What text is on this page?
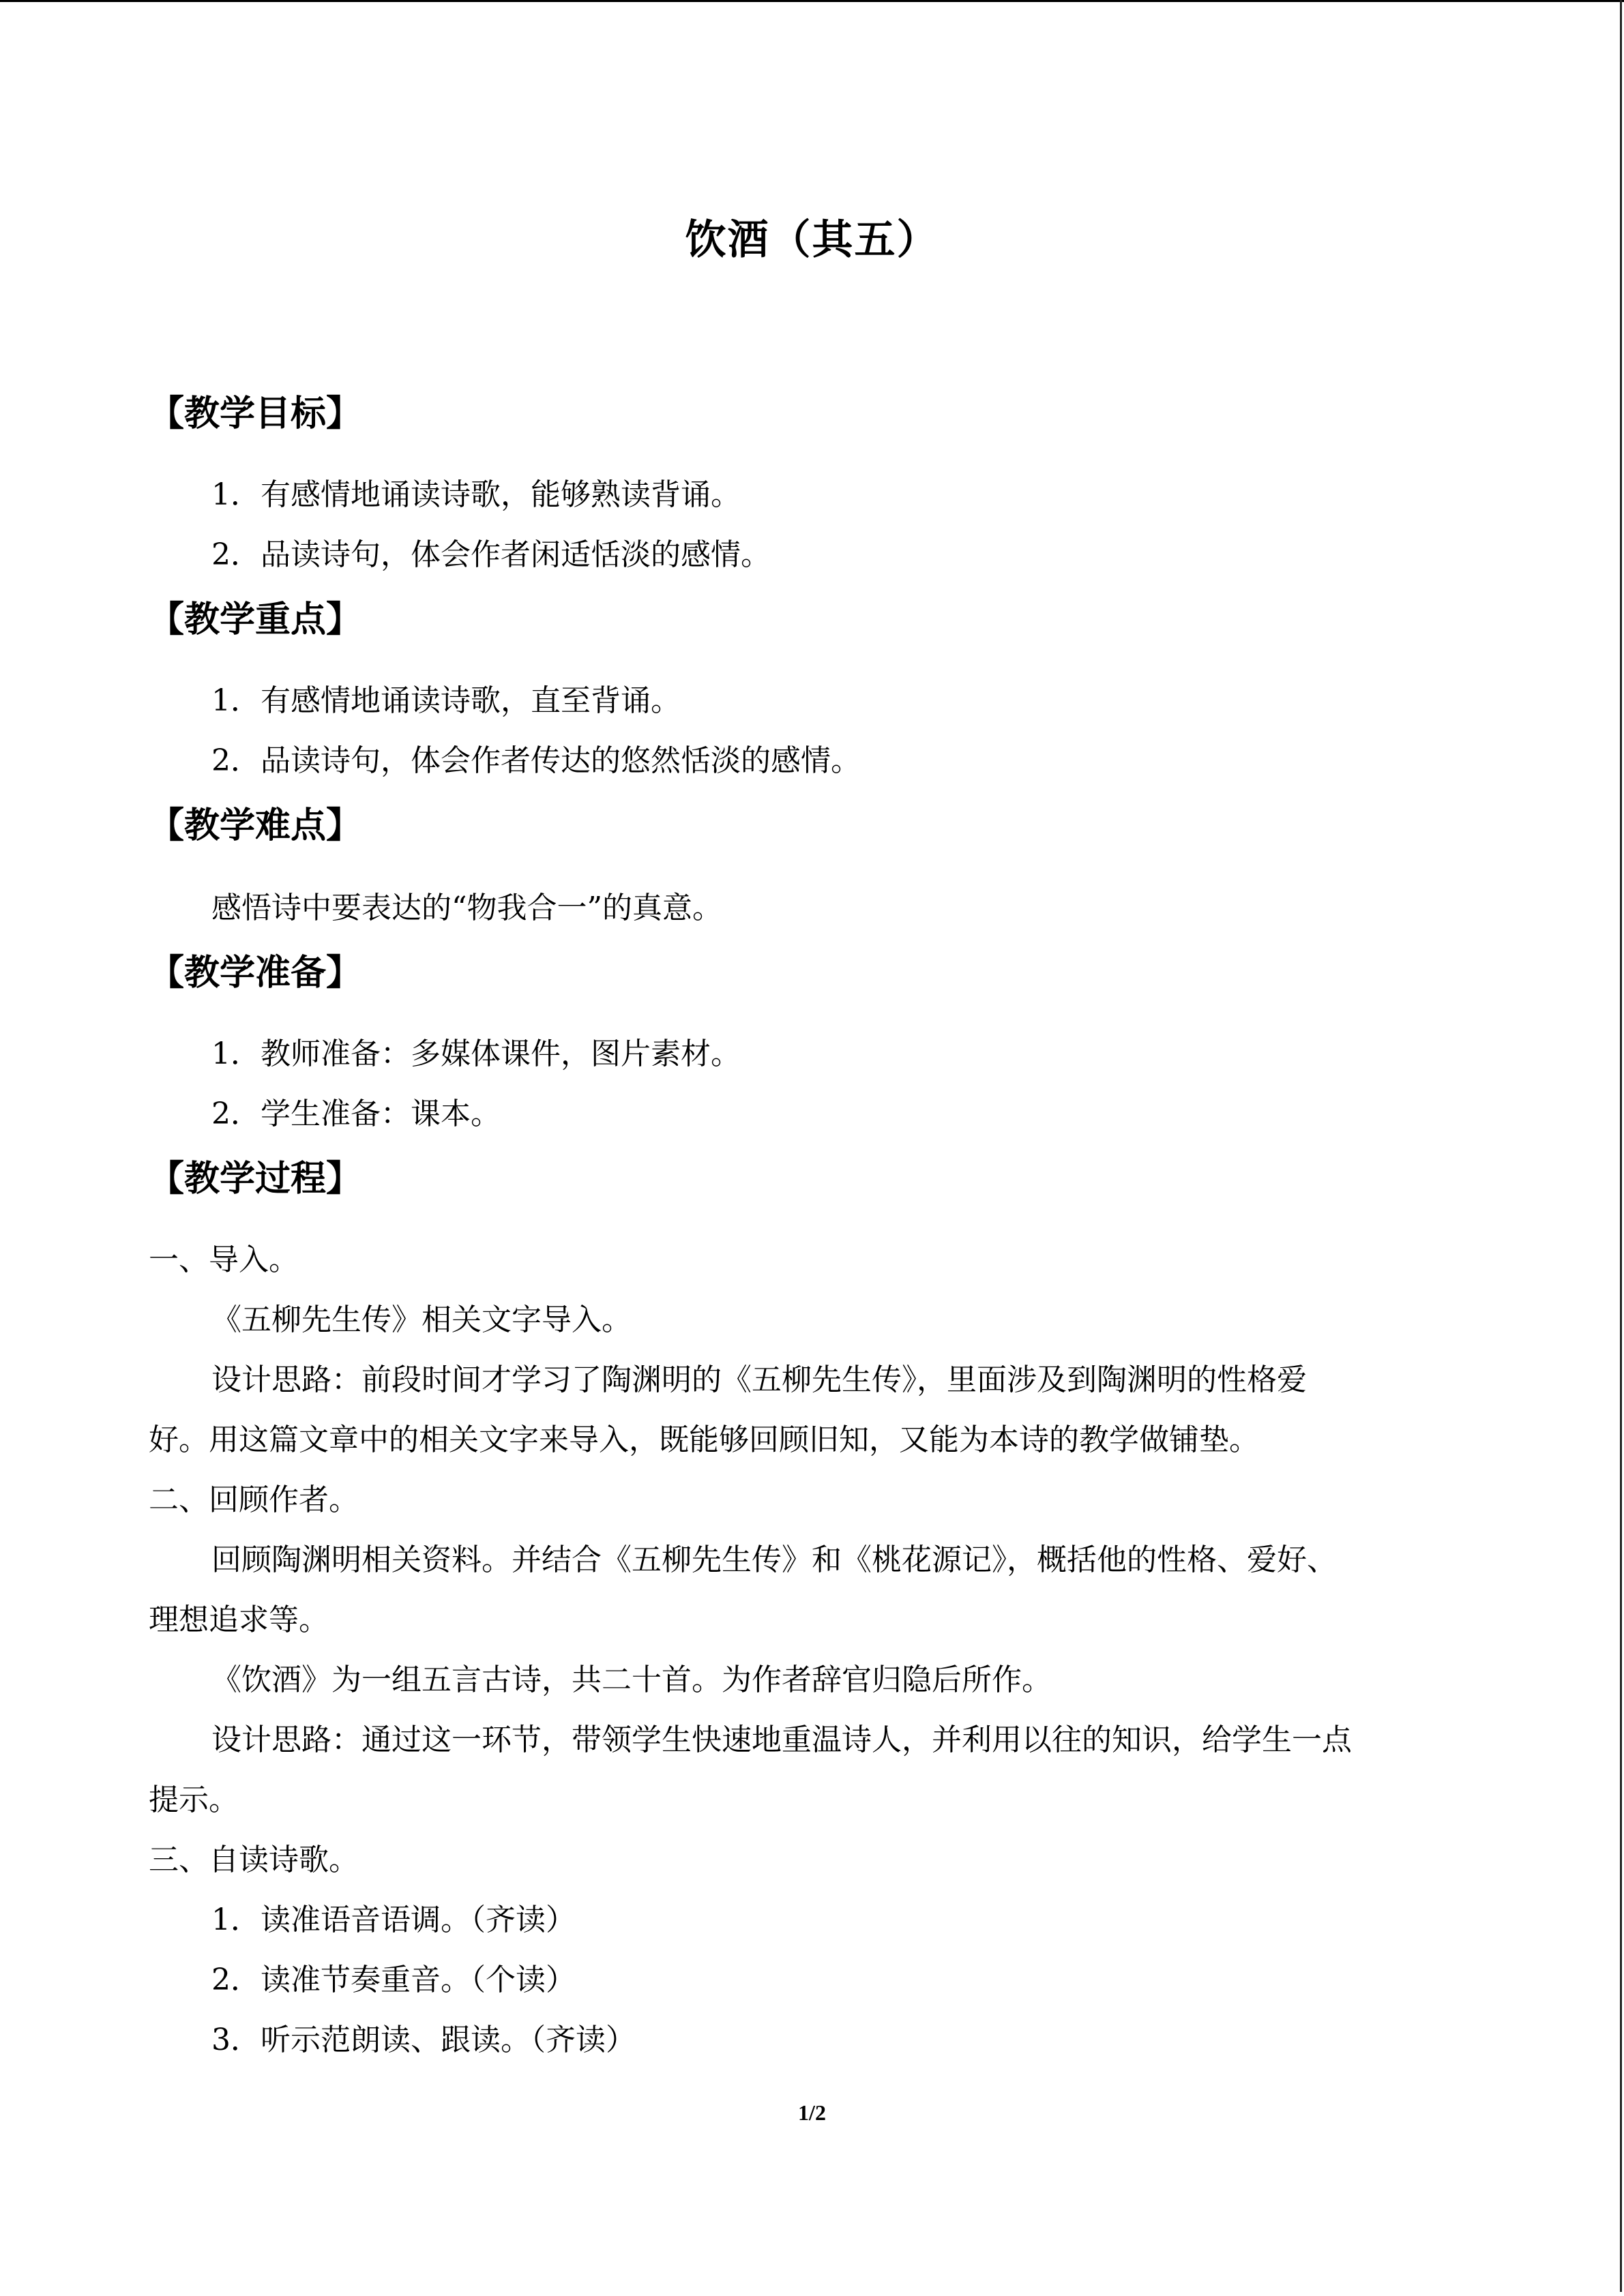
饮酒（其五）
【教学目标】
1．有感情地诵读诗歌，能够熟读背诵。
2．品读诗句，体会作者闲适恬淡的感情。
【教学重点】
1．有感情地诵读诗歌，直至背诵。
2．品读诗句，体会作者传达的悠然恬淡的感情。
【教学难点】
感悟诗中要表达的“物我合一”的真意。
【教学准备】
1．教师准备：多媒体课件，图片素材。
2．学生准备：课本。
【教学过程】
一、导入。
《五柳先生传》相关文字导入。
设计思路：前段时间才学习了陶渊明的《五柳先生传》，里面涉及到陶渊明的性格爱
好。用这篇文章中的相关文字来导入，既能够回顾旧知，又能为本诗的教学做铺垫。
二、回顾作者。
回顾陶渊明相关资料。并结合《五柳先生传》和《桃花源记》，概括他的性格、爱好、
理想追求等。
《饮酒》为一组五言古诗，共二十首。为作者辞官归隐后所作。
设计思路：通过这一环节，带领学生快速地重温诗人，并利用以往的知识，给学生一点
提示。
三、自读诗歌。
1．读准语音语调。（齐读）
2．读准节奏重音。（个读）
3．听示范朗读、跟读。（齐读）
1/2
